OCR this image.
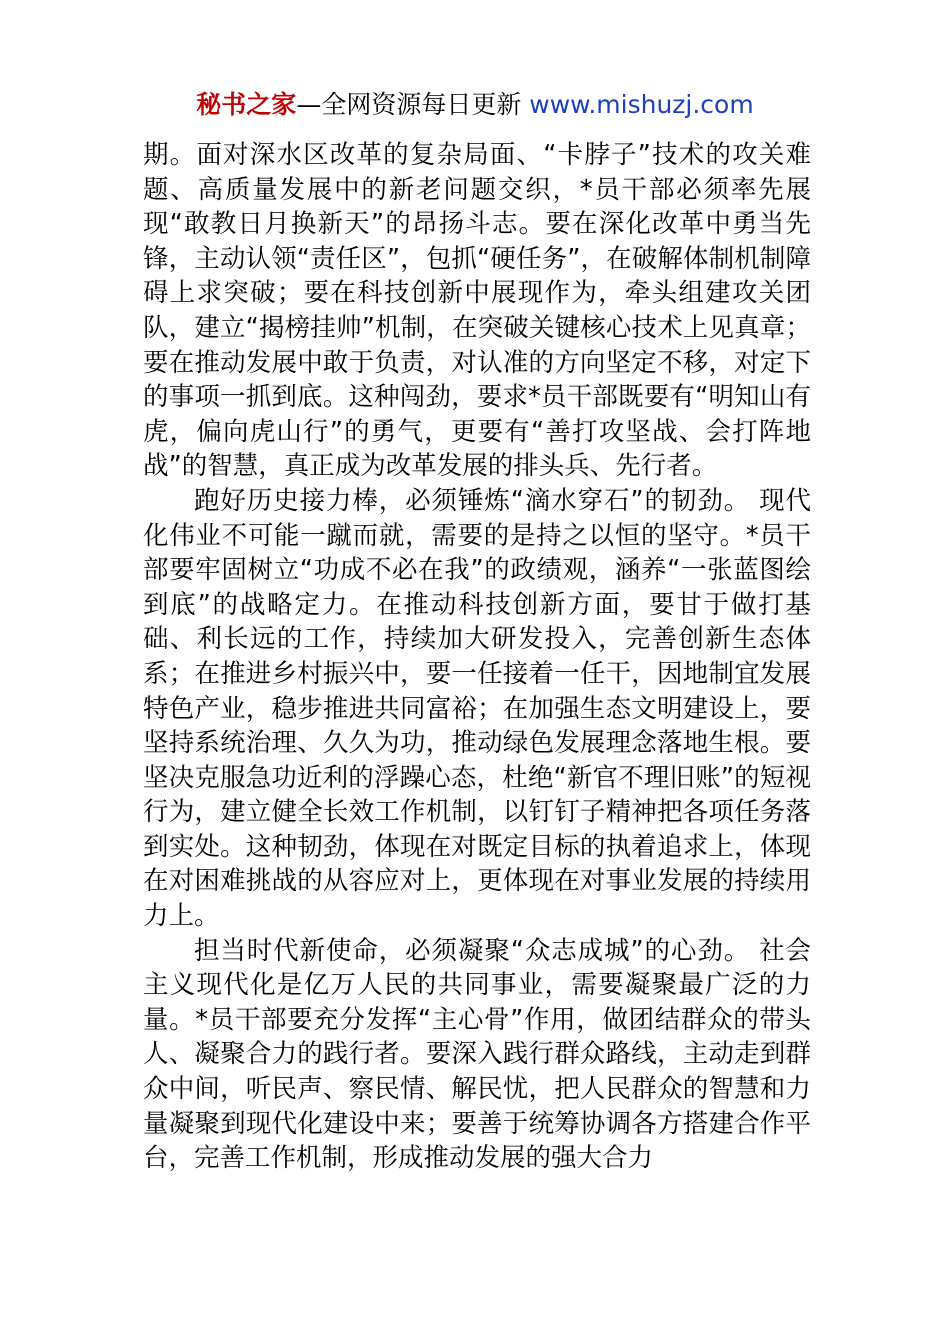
秘书之家—全网资源每日更新 www.mishuzj.com

期。面对深水区改革的复杂局面、“卡脖子”技术的攻关难题、高质量发展中的新老问题交织，*员干部必须率先展现“敢教日月换新天”的昂扬斗志。要在深化改革中勇当先锋，主动认领“责任区”，包抓“硬任务”，在破解体制机制障碍上求突破；要在科技创新中展现作为，牵头组建攻关团队，建立“揭榜挂帅”机制，在突破关键核心技术上见真章；要在推动发展中敢于负责，对认准的方向坚定不移，对定下的事项一抓到底。这种闯劲，要求*员干部既要有“明知山有虎，偏向虎山行”的勇气，更要有“善打攻坚战、会打阵地战”的智慧，真正成为改革发展的排头兵、先行者。

跑好历史接力棒，必须锤炼“滴水穿石”的韧劲。 现代化伟业不可能一蹴而就，需要的是持之以恒的坚守。*员干部要牢固树立“功成不必在我”的政绩观，涵养“一张蓝图绘到底”的战略定力。在推动科技创新方面，要甘于做打基础、利长远的工作，持续加大研发投入，完善创新生态体系；在推进乡村振兴中，要一任接着一任干，因地制宜发展特色产业，稳步推进共同富裕；在加强生态文明建设上，要坚持系统治理、久久为功，推动绿色发展理念落地生根。要坚决克服急功近利的浮躁心态，杜绝“新官不理旧账”的短视行为，建立健全长效工作机制，以钉钉子精神把各项任务落到实处。这种韧劲，体现在对既定目标的执着追求上，体现在对困难挑战的从容应对上，更体现在对事业发展的持续用力上。

担当时代新使命，必须凝聚“众志成城”的心劲。 社会主义现代化是亿万人民的共同事业，需要凝聚最广泛的力量。*员干部要充分发挥“主心骨”作用，做团结群众的带头人、凝聚合力的践行者。要深入践行群众路线，主动走到群众中间，听民声、察民情、解民忧，把人民群众的智慧和力量凝聚到现代化建设中来；要善于统筹协调各方搭建合作平台，完善工作机制，形成推动发展的强大合力
